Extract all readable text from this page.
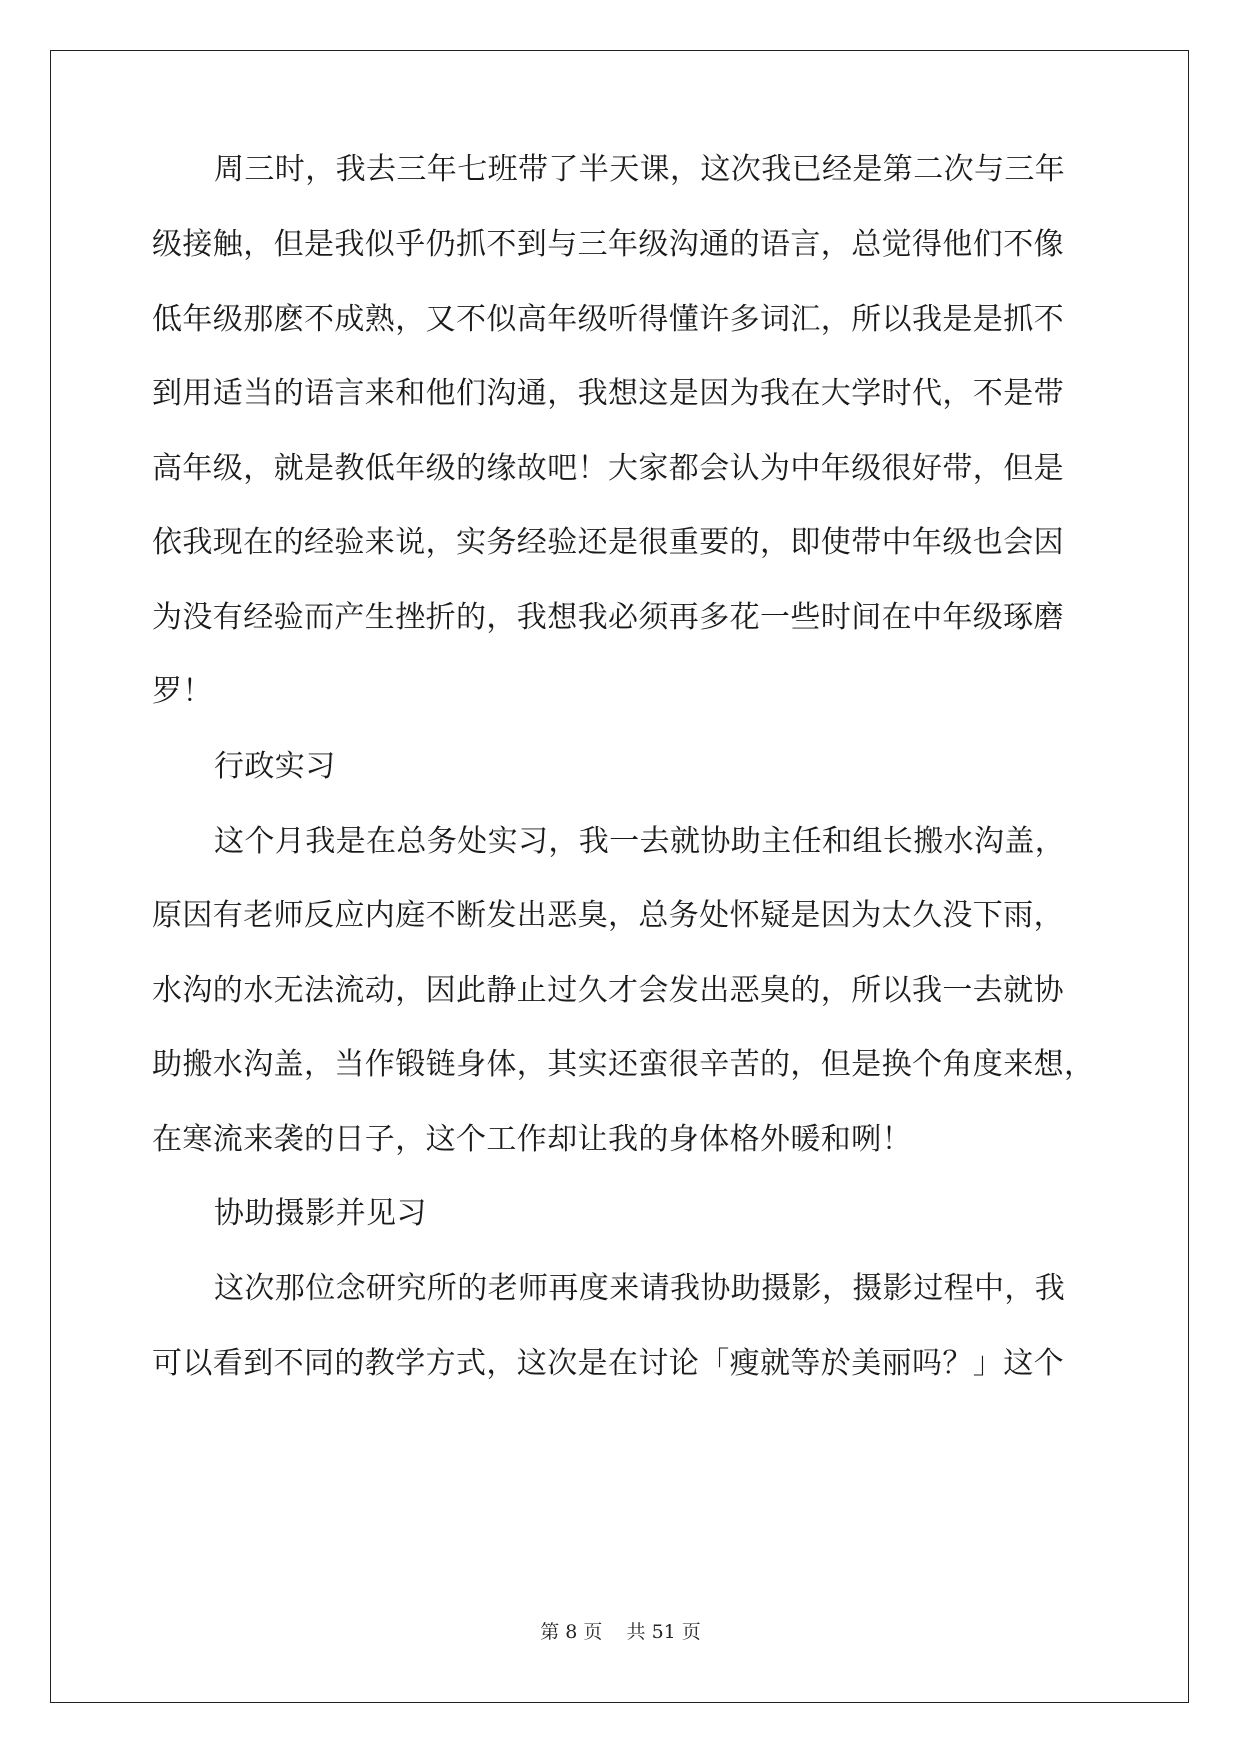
周三时，我去三年七班带了半天课，这次我已经是第二次与三年
级接触，但是我似乎仍抓不到与三年级沟通的语言，总觉得他们不像
低年级那麽不成熟，又不似高年级听得懂许多词汇，所以我是是抓不
到用适当的语言来和他们沟通，我想这是因为我在大学时代，不是带
高年级，就是教低年级的缘故吧！大家都会认为中年级很好带，但是
依我现在的经验来说，实务经验还是很重要的，即使带中年级也会因
为没有经验而产生挫折的，我想我必须再多花一些时间在中年级琢磨
罗！
行政实习
这个月我是在总务处实习，我一去就协助主任和组长搬水沟盖，
原因有老师反应内庭不断发出恶臭，总务处怀疑是因为太久没下雨，
水沟的水无法流动，因此静止过久才会发出恶臭的，所以我一去就协
助搬水沟盖，当作锻链身体，其实还蛮很辛苦的，但是换个角度来想，
在寒流来袭的日子，这个工作却让我的身体格外暖和咧！
协助摄影并见习
这次那位念研究所的老师再度来请我协助摄影，摄影过程中，我
可以看到不同的教学方式，这次是在讨论「瘦就等於美丽吗？」这个
第 8 页    共 51 页
